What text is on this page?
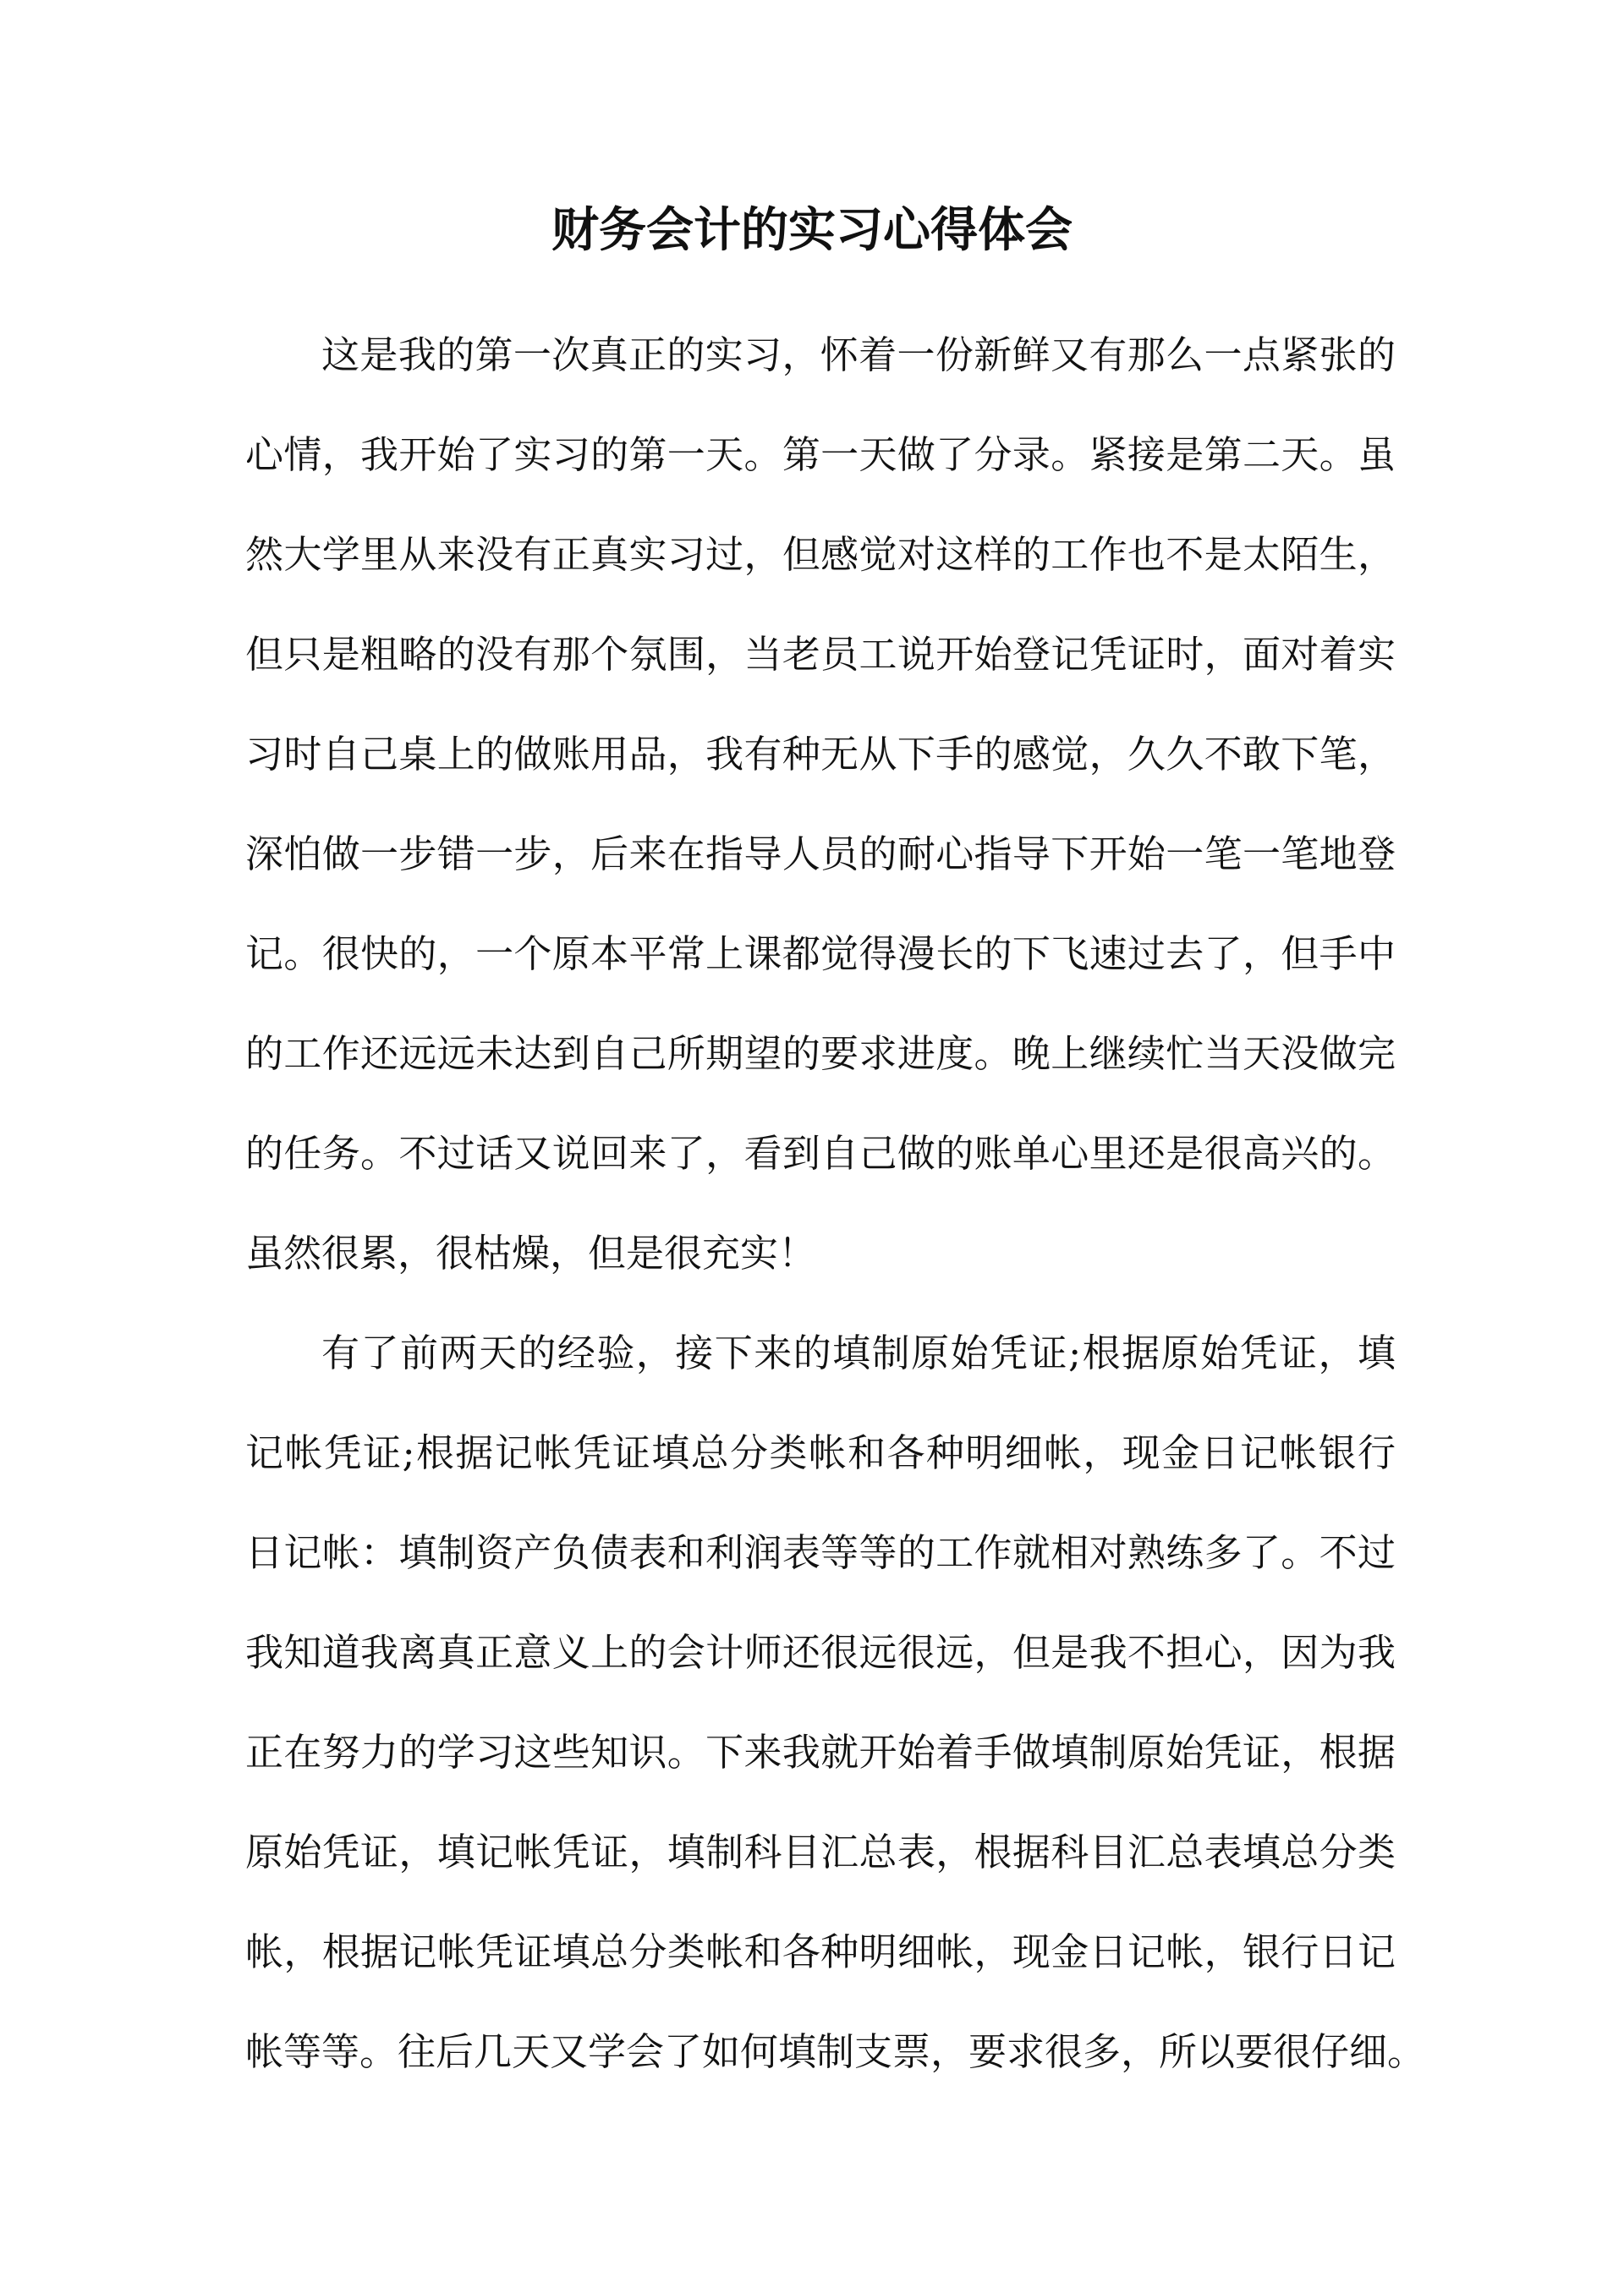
财务会计的实习心得体会
这是我的第一次真正的实习，怀着一份新鲜又有那么一点紧张的
心情，我开始了实习的第一天。第一天做了分录。紧接是第二天。虽
然大学里从来没有正真实习过，但感觉对这样的工作也不是太陌生，
但只是粗略的没有那个氛围，当老员工说开始登记凭证时，面对着实
习时自己桌上的做账用品，我有种无从下手的感觉，久久不敢下笔，
深怕做一步错一步，后来在指导人员的耐心指导下开始一笔一笔地登
记。很快的，一个原本平常上课都觉得漫长的下飞速过去了，但手中
的工作还远远未达到自己所期望的要求进度。晚上继续忙当天没做完
的任务。不过话又说回来了，看到自己做的账单心里还是很高兴的。
虽然很累，很枯燥，但是很充实！
有了前两天的经验，接下来的填制原始凭证;根据原始凭证，填
记帐凭证;根据记帐凭证填总分类帐和各种明细帐，现金日记帐银行
日记帐：填制资产负债表和利润表等等的工作就相对熟练多了。不过
我知道我离真正意义上的会计师还很远很远，但是我不担心，因为我
正在努力的学习这些知识。下来我就开始着手做填制原始凭证，根据
原始凭证，填记帐凭证，填制科目汇总表，根据科目汇总表填总分类
帐，根据记帐凭证填总分类帐和各种明细帐，现金日记帐，银行日记
帐等等。往后几天又学会了如何填制支票，要求很多，所以要很仔细。
